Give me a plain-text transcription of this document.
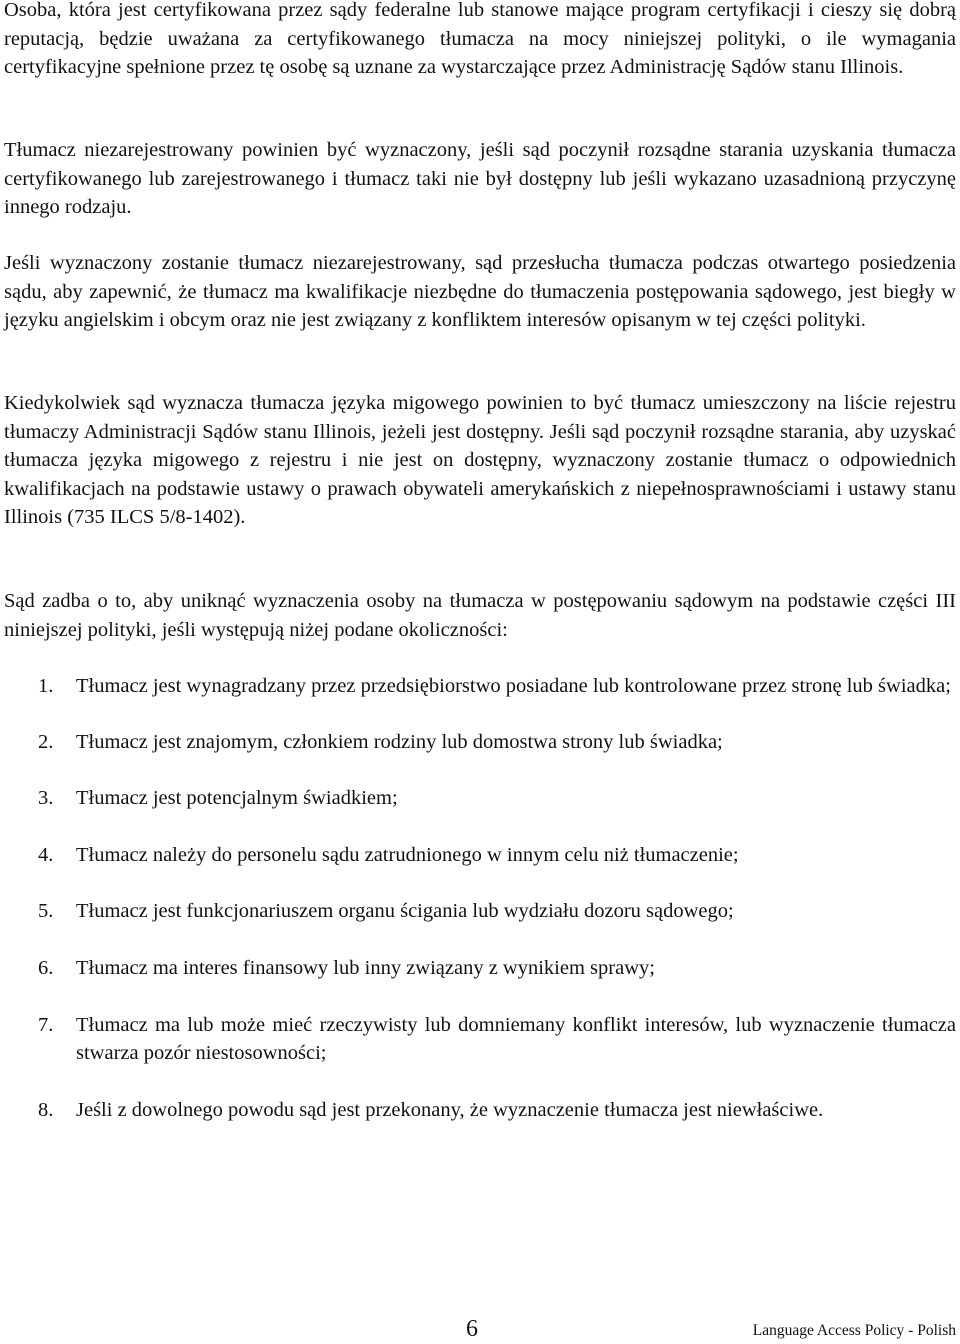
Osoba, która jest certyfikowana przez sądy federalne lub stanowe mające program certyfikacji i cieszy się dobrą reputacją, będzie uważana za certyfikowanego tłumacza na mocy niniejszej polityki, o ile wymagania certyfikacyjne spełnione przez tę osobę są uznane za wystarczające przez Administrację Sądów stanu Illinois.

Tłumacz niezarejestrowany powinien być wyznaczony, jeśli sąd poczynił rozsądne starania uzyskania tłumacza certyfikowanego lub zarejestrowanego i tłumacz taki nie był dostępny lub jeśli wykazano uzasadnioną przyczynę innego rodzaju.

Jeśli wyznaczony zostanie tłumacz niezarejestrowany, sąd przesłucha tłumacza podczas otwartego posiedzenia sądu, aby zapewnić, że tłumacz ma kwalifikacje niezbędne do tłumaczenia postępowania sądowego, jest biegły w języku angielskim i obcym oraz nie jest związany z konfliktem interesów opisanym w tej części polityki.

Kiedykolwiek sąd wyznacza tłumacza języka migowego powinien to być tłumacz umieszczony na liście rejestru tłumaczy Administracji Sądów stanu Illinois, jeżeli jest dostępny. Jeśli sąd poczynił rozsądne starania, aby uzyskać tłumacza języka migowego z rejestru i nie jest on dostępny, wyznaczony zostanie tłumacz o odpowiednich kwalifikacjach na podstawie ustawy o prawach obywateli amerykańskich z niepełnosprawnościami i ustawy stanu Illinois (735 ILCS 5/8-1402).

Sąd zadba o to, aby uniknąć wyznaczenia osoby na tłumacza w postępowaniu sądowym na podstawie części III niniejszej polityki, jeśli występują niżej podane okoliczności:

1. Tłumacz jest wynagradzany przez przedsiębiorstwo posiadane lub kontrolowane przez stronę lub świadka;
2. Tłumacz jest znajomym, członkiem rodziny lub domostwa strony lub świadka;
3. Tłumacz jest potencjalnym świadkiem;
4. Tłumacz należy do personelu sądu zatrudnionego w innym celu niż tłumaczenie;
5. Tłumacz jest funkcjonariuszem organu ścigania lub wydziału dozoru sądowego;
6. Tłumacz ma interes finansowy lub inny związany z wynikiem sprawy;
7. Tłumacz ma lub może mieć rzeczywisty lub domniemany konflikt interesów, lub wyznaczenie tłumacza stwarza pozór niestosowności;
8. Jeśli z dowolnego powodu sąd jest przekonany, że wyznaczenie tłumacza jest niewłaściwe.
6	Language Access Policy - Polish
